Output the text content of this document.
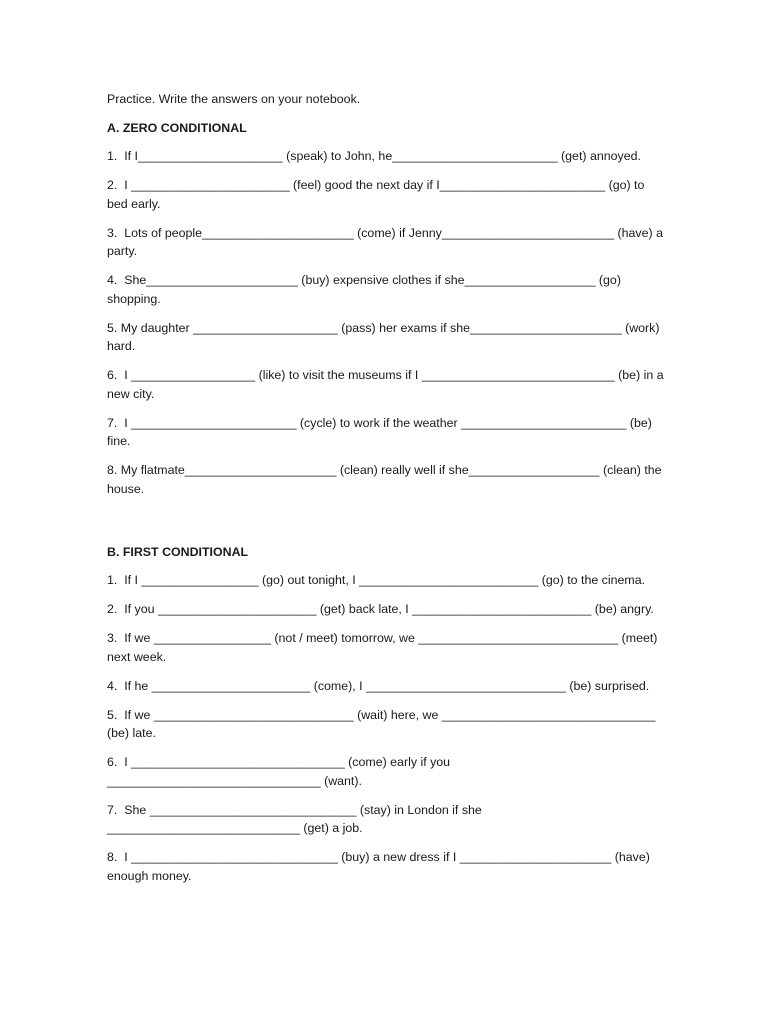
Practice. Write the answers on your notebook.

A. ZERO CONDITIONAL

1.  If I_____________________ (speak) to John, he________________________ (get) annoyed.

2.  I _______________________ (feel) good the next day if I________________________ (go) to bed early.

3.  Lots of people______________________ (come) if Jenny_________________________ (have) a party.

4.  She______________________ (buy) expensive clothes if she___________________ (go) shopping.

5. My daughter _____________________ (pass) her exams if she______________________ (work) hard.

6.  I __________________ (like) to visit the museums if I ____________________________ (be) in a new city.

7.  I ________________________ (cycle) to work if the weather ________________________ (be) fine.

8. My flatmate______________________ (clean) really well if she___________________ (clean) the house.

B. FIRST CONDITIONAL

1.  If I _________________ (go) out tonight, I __________________________ (go) to the cinema.

2.  If you _______________________ (get) back late, I __________________________ (be) angry.

3.  If we _________________ (not / meet) tomorrow, we _____________________________ (meet) next week.

4.  If he _______________________ (come), I _____________________________ (be) surprised.

5.  If we _____________________________ (wait) here, we _______________________________ (be) late.

6.  I _______________________________ (come) early if you _______________________________ (want).

7.  She ______________________________ (stay) in London if she ____________________________ (get) a job.

8.  I ______________________________ (buy) a new dress if I ______________________ (have) enough money.
